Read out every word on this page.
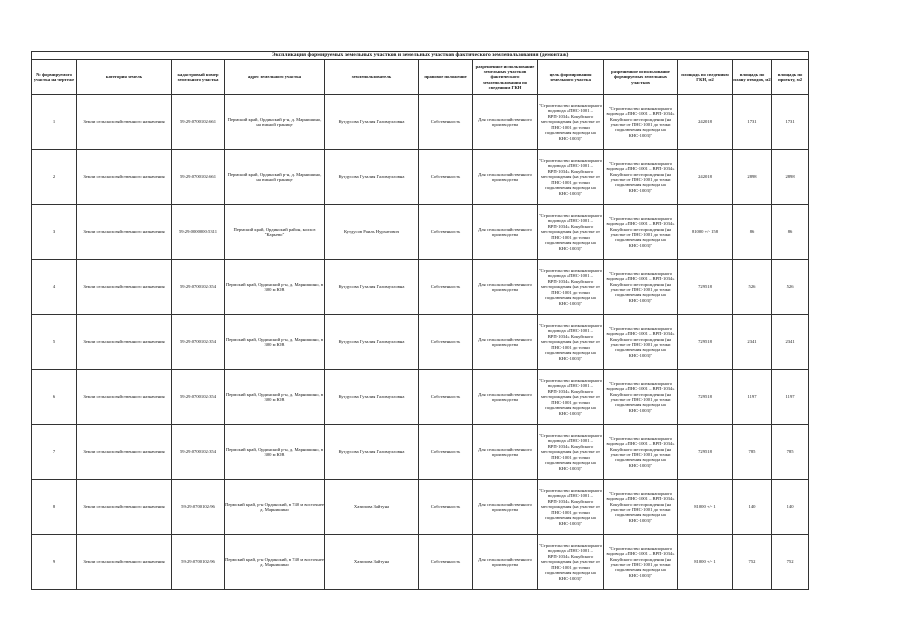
Экспликация формируемых земельных участков и земельных участков фактического землепользования (демонтаж)											
№ формируемого участка на чертеже	категория земель	кадастровый номер земельного участка	адрес земельного участка	землепользователь	правовое положение	разрешенное использование земельных участков фактического землепользования по сведениям ГКН	цель формирования земельного участка	разрешенное использование формируемых земельных участков	площадь по сведениям ГКН, м2	площадь по плану отводов, м2	площадь по проекту, м2

1	Земли сельскохозяйственного назначения	59:29:0700102:661	Пермский край, Ординский р-н, д. Марнишино, на южной границе	Кутдусова Гузалия Галимулловна	Собственность	Для сельскохозяйственного производства	"Строительство низконапорного водовода «ПНС-1001 – ВРП-1034» Кокуйского месторождения (на участке от ПНС-1001 до точки подключения водовода на КНС-1003)"	"Строительство низконапорного водовода «ПНС-1001 – ВРП-1034» Кокуйского месторождения (на участке от ПНС-1001 до точки подключения водовода на КНС-1003)"	242018	1731	1731

2	Земли сельскохозяйственного назначения	59:29:0700102:661	Пермский край, Ординский р-н, д. Марнишино, на южной границе	Кутдусова Гузалия Галимулловна	Собственность	Для сельскохозяйственного производства	"Строительство низконапорного водовода «ПНС-1001 – ВРП-1034» Кокуйского месторождения (на участке от ПНС-1001 до точки подключения водовода на КНС-1003)"	"Строительство низконапорного водовода «ПНС-1001 – ВРП-1034» Кокуйского месторождения (на участке от ПНС-1001 до точки подключения водовода на КНС-1003)"	242018	2898	2898

3	Земли сельскохозяйственного назначения	59:29:0000000:5311	Пермский край, Ординский район, колхоз "Карьево"	Кутдусов Раиль Нурхатович	Собственность	Для сельскохозяйственного производства	"Строительство низконапорного водовода «ПНС-1001 – ВРП-1034» Кокуйского месторождения (на участке от ПНС-1001 до точки подключения водовода на КНС-1003)"	"Строительство низконапорного водовода «ПНС-1001 – ВРП-1034» Кокуйского месторождения (на участке от ПНС-1001 до точки подключения водовода на КНС-1003)"	81000 +/- 158	86	86

4	Земли сельскохозяйственного назначения	59:29:0700102:354	Пермский край, Ординский р-н, д. Марнишино, в 300 м ЮВ	Кутдусова Гузалия Галимулловна	Собственность	Для сельскохозяйственного производства	"Строительство низконапорного водовода «ПНС-1001 – ВРП-1034» Кокуйского месторождения (на участке от ПНС-1001 до точки подключения водовода на КНС-1003)"	"Строительство низконапорного водовода «ПНС-1001 – ВРП-1034» Кокуйского месторождения (на участке от ПНС-1001 до точки подключения водовода на КНС-1003)"	729518	526	526

5	Земли сельскохозяйственного назначения	59:29:0700102:354	Пермский край, Ординский р-н, д. Марнишино, в 300 м ЮВ	Кутдусова Гузалия Галимулловна	Собственность	Для сельскохозяйственного производства	"Строительство низконапорного водовода «ПНС-1001 – ВРП-1034» Кокуйского месторождения (на участке от ПНС-1001 до точки подключения водовода на КНС-1003)"	"Строительство низконапорного водовода «ПНС-1001 – ВРП-1034» Кокуйского месторождения (на участке от ПНС-1001 до точки подключения водовода на КНС-1003)"	729518	2341	2341

6	Земли сельскохозяйственного назначения	59:29:0700102:354	Пермский край, Ординский р-н, д. Марнишино, в 300 м ЮВ	Кутдусова Гузалия Галимулловна	Собственность	Для сельскохозяйственного производства	"Строительство низконапорного водовода «ПНС-1001 – ВРП-1034» Кокуйского месторождения (на участке от ПНС-1001 до точки подключения водовода на КНС-1003)"	"Строительство низконапорного водовода «ПНС-1001 – ВРП-1034» Кокуйского месторождения (на участке от ПНС-1001 до точки подключения водовода на КНС-1003)"	729518	1197	1197

7	Земли сельскохозяйственного назначения	59:29:0700102:354	Пермский край, Ординский р-н, д. Марнишино, в 300 м ЮВ	Кутдусова Гузалия Галимулловна	Собственность	Для сельскохозяйственного производства	"Строительство низконапорного водовода «ПНС-1001 – ВРП-1034» Кокуйского месторождения (на участке от ПНС-1001 до точки подключения водовода на КНС-1003)"	"Строительство низконапорного водовода «ПНС-1001 – ВРП-1034» Кокуйского месторождения (на участке от ПНС-1001 до точки подключения водовода на КНС-1003)"	729518	785	785

8	Земли сельскохозяйственного назначения	59:29:0700102:96	Пермский край, р-н Ординский, в 740 м восточнее д. Марнишино	Хазипова Зайтуна	Собственность	Для сельскохозяйственного производства	"Строительство низконапорного водовода «ПНС-1001 – ВРП-1034» Кокуйского месторождения (на участке от ПНС-1001 до точки подключения водовода на КНС-1003)"	"Строительство низконапорного водовода «ПНС-1001 – ВРП-1034» Кокуйского месторождения (на участке от ПНС-1001 до точки подключения водовода на КНС-1003)"	81000 +/- 1	140	140

9	Земли сельскохозяйственного назначения	59:29:0700102:96	Пермский край, р-н Ординский, в 740 м восточнее д. Марнишино	Хазипова Зайтуна	Собственность	Для сельскохозяйственного производства	"Строительство низконапорного водовода «ПНС-1001 – ВРП-1034» Кокуйского месторождения (на участке от ПНС-1001 до точки подключения водовода на КНС-1003)"	"Строительство низконапорного водовода «ПНС-1001 – ВРП-1034» Кокуйского месторождения (на участке от ПНС-1001 до точки подключения водовода на КНС-1003)"	81000 +/- 1	752	752
